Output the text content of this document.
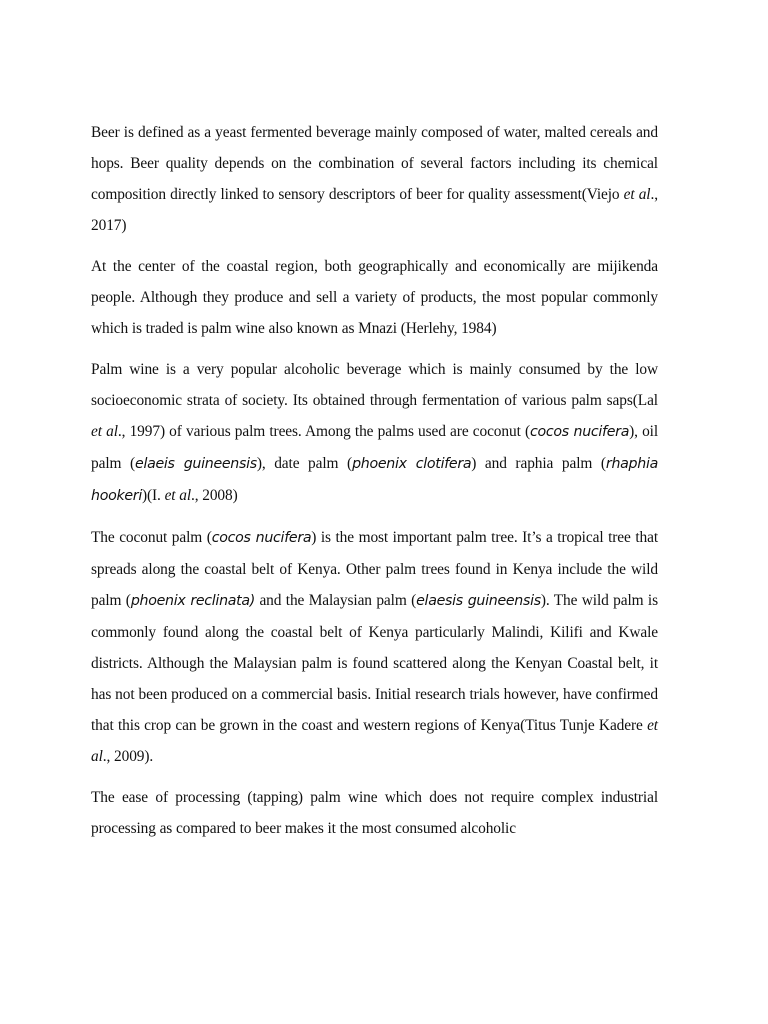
Beer is defined as a yeast fermented beverage mainly composed of water, malted cereals and hops. Beer quality depends on the combination of several factors including its chemical composition directly linked to sensory descriptors of beer for quality assessment(Viejo et al., 2017)

At the center of the coastal region, both geographically and economically are mijikenda people. Although they produce and sell a variety of products, the most popular commonly which is traded is palm wine also known as Mnazi (Herlehy, 1984)

Palm wine is a very popular alcoholic beverage which is mainly consumed by the low socioeconomic strata of society. Its obtained through fermentation of various palm saps(Lal et al., 1997) of various palm trees. Among the palms used are coconut (cocos nucifera), oil palm (elaeis guineensis), date palm (phoenix clotifera) and raphia palm (rhaphia hookeri)(I. et al., 2008)

The coconut palm (cocos nucifera) is the most important palm tree. It’s a tropical tree that spreads along the coastal belt of Kenya. Other palm trees found in Kenya include the wild palm (phoenix reclinata) and the Malaysian palm (elaesis guineensis). The wild palm is commonly found along the coastal belt of Kenya particularly Malindi, Kilifi and Kwale districts. Although the Malaysian palm is found scattered along the Kenyan Coastal belt, it has not been produced on a commercial basis. Initial research trials however, have confirmed that this crop can be grown in the coast and western regions of Kenya(Titus Tunje Kadere et al., 2009).

The ease of processing (tapping) palm wine which does not require complex industrial processing as compared to beer makes it the most consumed alcoholic
